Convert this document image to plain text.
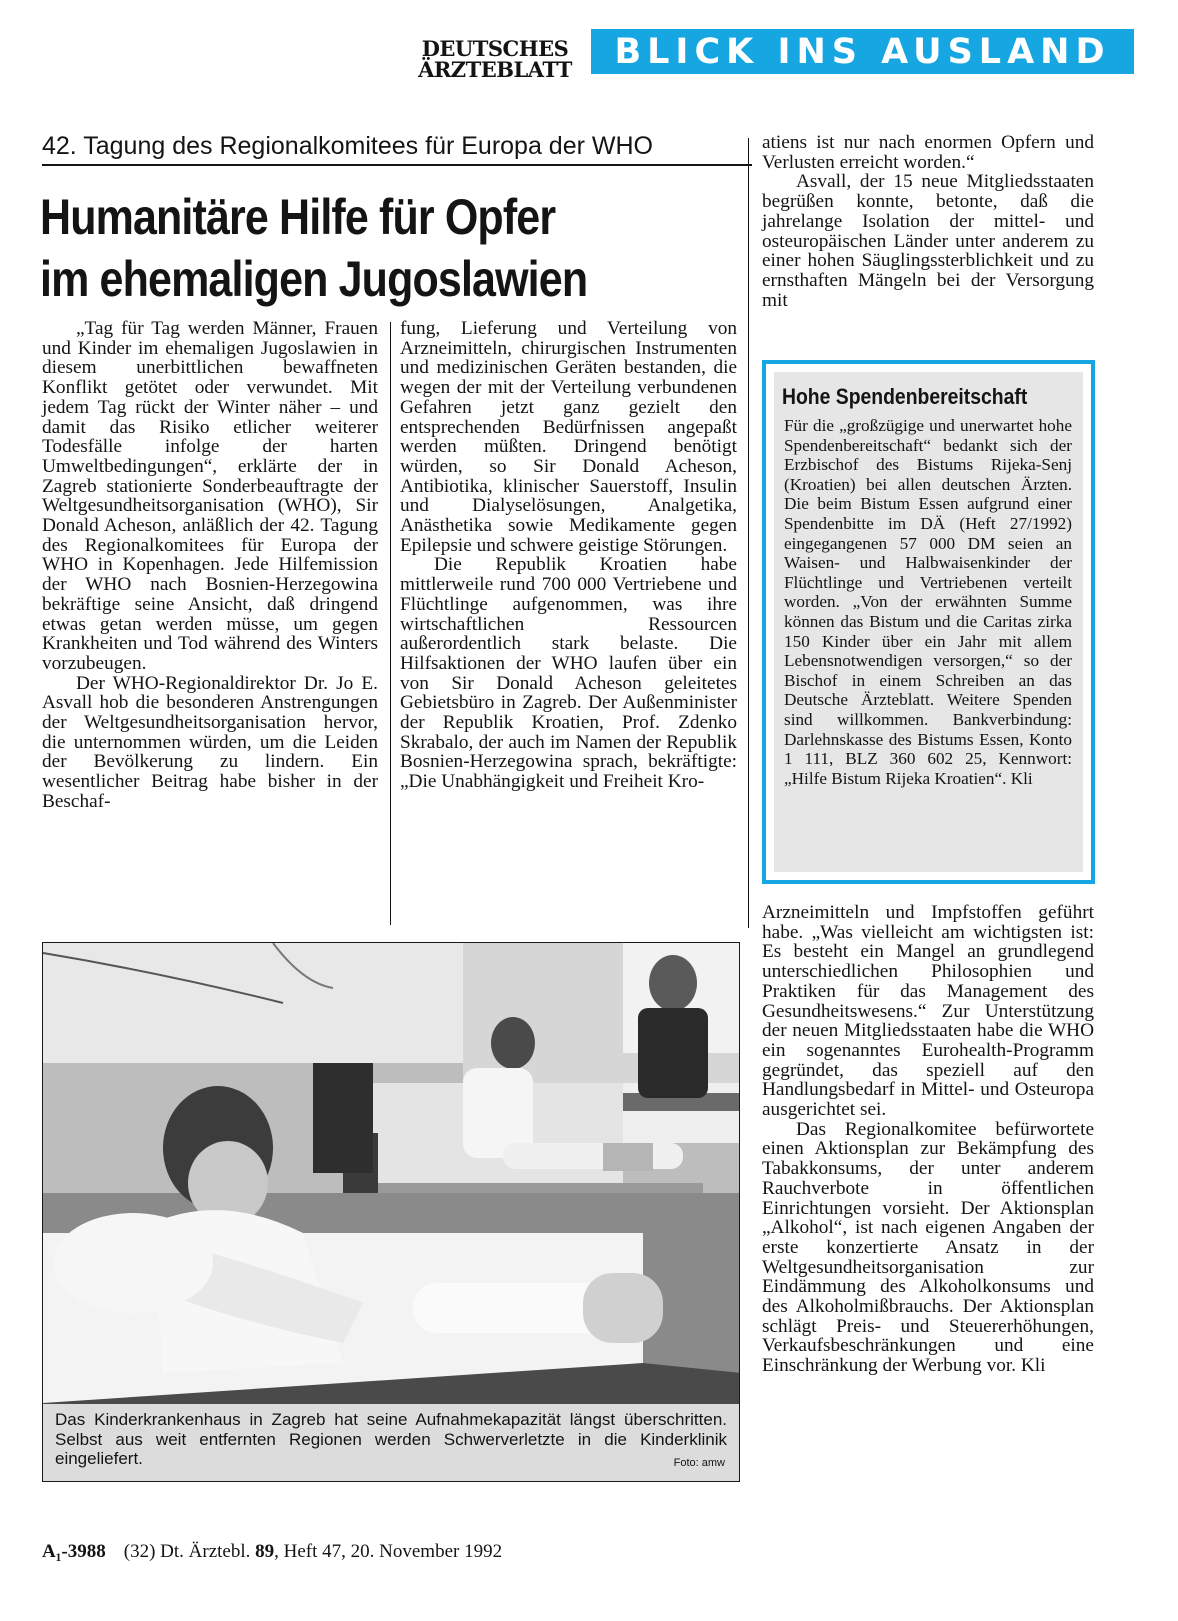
DEUTSCHES
ÄRZTEBLATT	BLICK INS AUSLAND
42. Tagung des Regionalkomitees für Europa der WHO
Humanitäre Hilfe für Opfer
im ehemaligen Jugoslawien

„Tag für Tag werden Männer, Frauen und Kinder im ehemaligen Jugoslawien in diesem unerbittlichen bewaffneten Konflikt getötet oder verwundet. Mit jedem Tag rückt der Winter näher – und damit das Risiko etlicher weiterer Todesfälle infolge der harten Umweltbedingungen“, erklärte der in Zagreb stationierte Sonderbeauftragte der Weltgesundheitsorganisation (WHO), Sir Donald Acheson, anläßlich der 42. Tagung des Regionalkomitees für Europa der WHO in Kopenhagen. Jede Hilfemission der WHO nach Bosnien-Herzegowina bekräftige seine Ansicht, daß dringend etwas getan werden müsse, um gegen Krankheiten und Tod während des Winters vorzubeugen.

Der WHO-Regionaldirektor Dr. Jo E. Asvall hob die besonderen Anstrengungen der Weltgesundheitsorganisation hervor, die unternommen würden, um die Leiden der Bevölkerung zu lindern. Ein wesentlicher Beitrag habe bisher in der Beschaf-

fung, Lieferung und Verteilung von Arzneimitteln, chirurgischen Instrumenten und medizinischen Geräten bestanden, die wegen der mit der Verteilung verbundenen Gefahren jetzt ganz gezielt den entsprechenden Bedürfnissen angepaßt werden müßten. Dringend benötigt würden, so Sir Donald Acheson, Antibiotika, klinischer Sauerstoff, Insulin und Dialyselösungen, Analgetika, Anästhetika sowie Medikamente gegen Epilepsie und schwere geistige Störungen.

Die Republik Kroatien habe mittlerweile rund 700 000 Vertriebene und Flüchtlinge aufgenommen, was ihre wirtschaftlichen Ressourcen außerordentlich stark belaste. Die Hilfsaktionen der WHO laufen über ein von Sir Donald Acheson geleitetes Gebietsbüro in Zagreb. Der Außenminister der Republik Kroatien, Prof. Zdenko Skrabalo, der auch im Namen der Republik Bosnien-Herzegowina sprach, bekräftigte: „Die Unabhängigkeit und Freiheit Kro-

atiens ist nur nach enormen Opfern und Verlusten erreicht worden.“

Asvall, der 15 neue Mitgliedsstaaten begrüßen konnte, betonte, daß die jahrelange Isolation der mittel- und osteuropäischen Länder unter anderem zu einer hohen Säuglingssterblichkeit und zu ernsthaften Mängeln bei der Versorgung mit

Hohe Spendenbereitschaft
Für die „großzügige und unerwartet hohe Spendenbereitschaft“ bedankt sich der Erzbischof des Bistums Rijeka-Senj (Kroatien) bei allen deutschen Ärzten. Die beim Bistum Essen aufgrund einer Spendenbitte im DÄ (Heft 27/1992) eingegangenen 57 000 DM seien an Waisen- und Halbwaisenkinder der Flüchtlinge und Vertriebenen verteilt worden. „Von der erwähnten Summe können das Bistum und die Caritas zirka 150 Kinder über ein Jahr mit allem Lebensnotwendigen versorgen,“ so der Bischof in einem Schreiben an das Deutsche Ärzteblatt. Weitere Spenden sind willkommen. Bankverbindung: Darlehnskasse des Bistums Essen, Konto 1 111, BLZ 360 602 25, Kennwort: „Hilfe Bistum Rijeka Kroatien“. Kli

Arzneimitteln und Impfstoffen geführt habe. „Was vielleicht am wichtigsten ist: Es besteht ein Mangel an grundlegend unterschiedlichen Philosophien und Praktiken für das Management des Gesundheitswesens.“ Zur Unterstützung der neuen Mitgliedsstaaten habe die WHO ein sogenanntes Eurohealth-Programm gegründet, das speziell auf den Handlungsbedarf in Mittel- und Osteuropa ausgerichtet sei.

Das Regionalkomitee befürwortete einen Aktionsplan zur Bekämpfung des Tabakkonsums, der unter anderem Rauchverbote in öffentlichen Einrichtungen vorsieht. Der Aktionsplan „Alkohol“, ist nach eigenen Angaben der erste konzertierte Ansatz in der Weltgesundheitsorganisation zur Eindämmung des Alkoholkonsums und des Alkoholmißbrauchs. Der Aktionsplan schlägt Preis- und Steuererhöhungen, Verkaufsbeschränkungen und eine Einschränkung der Werbung vor. Kli

Das Kinderkrankenhaus in Zagreb hat seine Aufnahmekapazität längst überschritten. Selbst aus weit entfernten Regionen werden Schwerverletzte in die Kinderklinik eingeliefert.	Foto: amw
A₁-3988 (32) Dt. Ärztebl. 89, Heft 47, 20. November 1992
